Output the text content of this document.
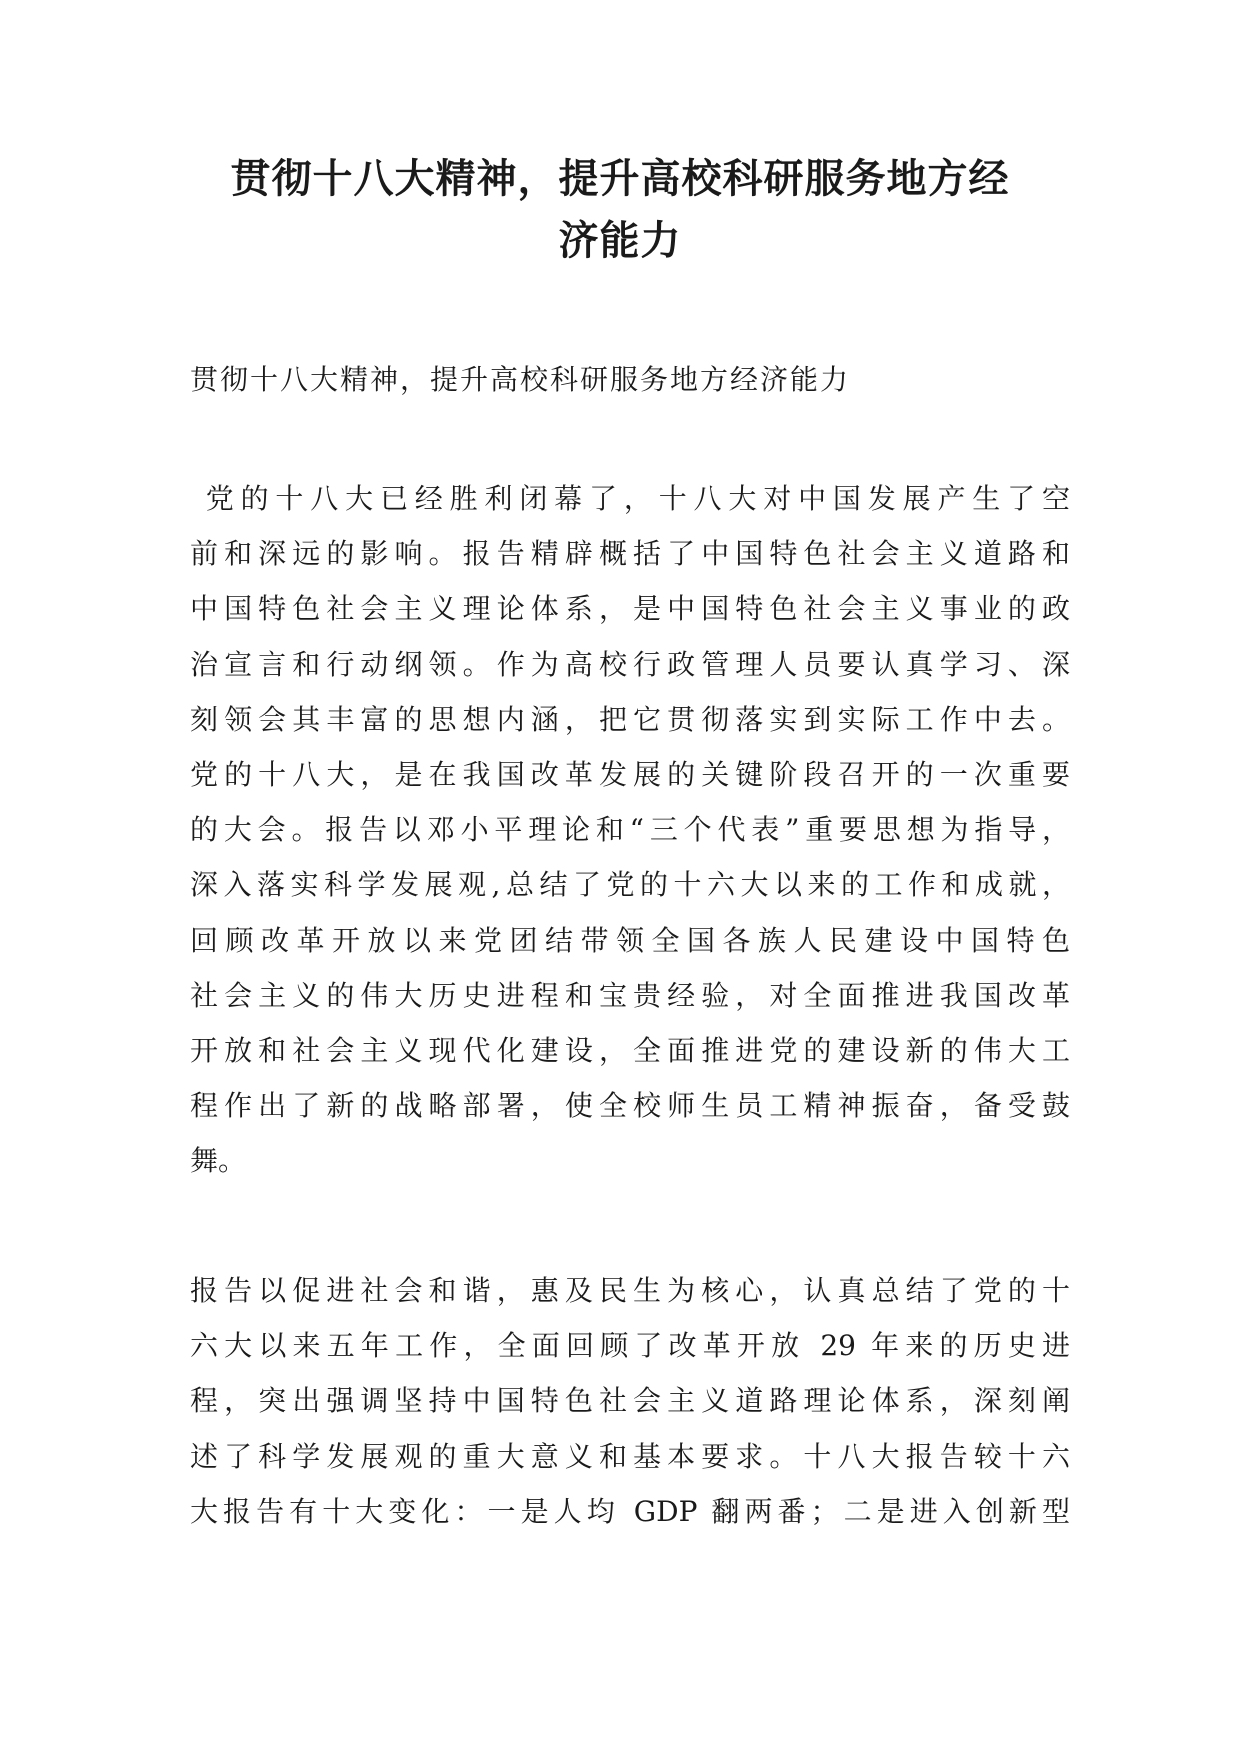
贯彻十八大精神，提升高校科研服务地方经
济能力

贯彻十八大精神，提升高校科研服务地方经济能力

党的十八大已经胜利闭幕了，十八大对中国发展产生了空
前和深远的影响。报告精辟概括了中国特色社会主义道路和
中国特色社会主义理论体系，是中国特色社会主义事业的政
治宣言和行动纲领。作为高校行政管理人员要认真学习、深
刻领会其丰富的思想内涵，把它贯彻落实到实际工作中去。
党的十八大，是在我国改革发展的关键阶段召开的一次重要
的大会。报告以邓小平理论和“三个代表”重要思想为指导，
深入落实科学发展观,总结了党的十六大以来的工作和成就，
回顾改革开放以来党团结带领全国各族人民建设中国特色
社会主义的伟大历史进程和宝贵经验，对全面推进我国改革
开放和社会主义现代化建设，全面推进党的建设新的伟大工
程作出了新的战略部署，使全校师生员工精神振奋，备受鼓
舞。
报告以促进社会和谐，惠及民生为核心，认真总结了党的十
六大以来五年工作，全面回顾了改革开放 29 年来的历史进
程，突出强调坚持中国特色社会主义道路理论体系，深刻阐
述了科学发展观的重大意义和基本要求。十八大报告较十六
大报告有十大变化：一是人均 GDP 翻两番；二是进入创新型
